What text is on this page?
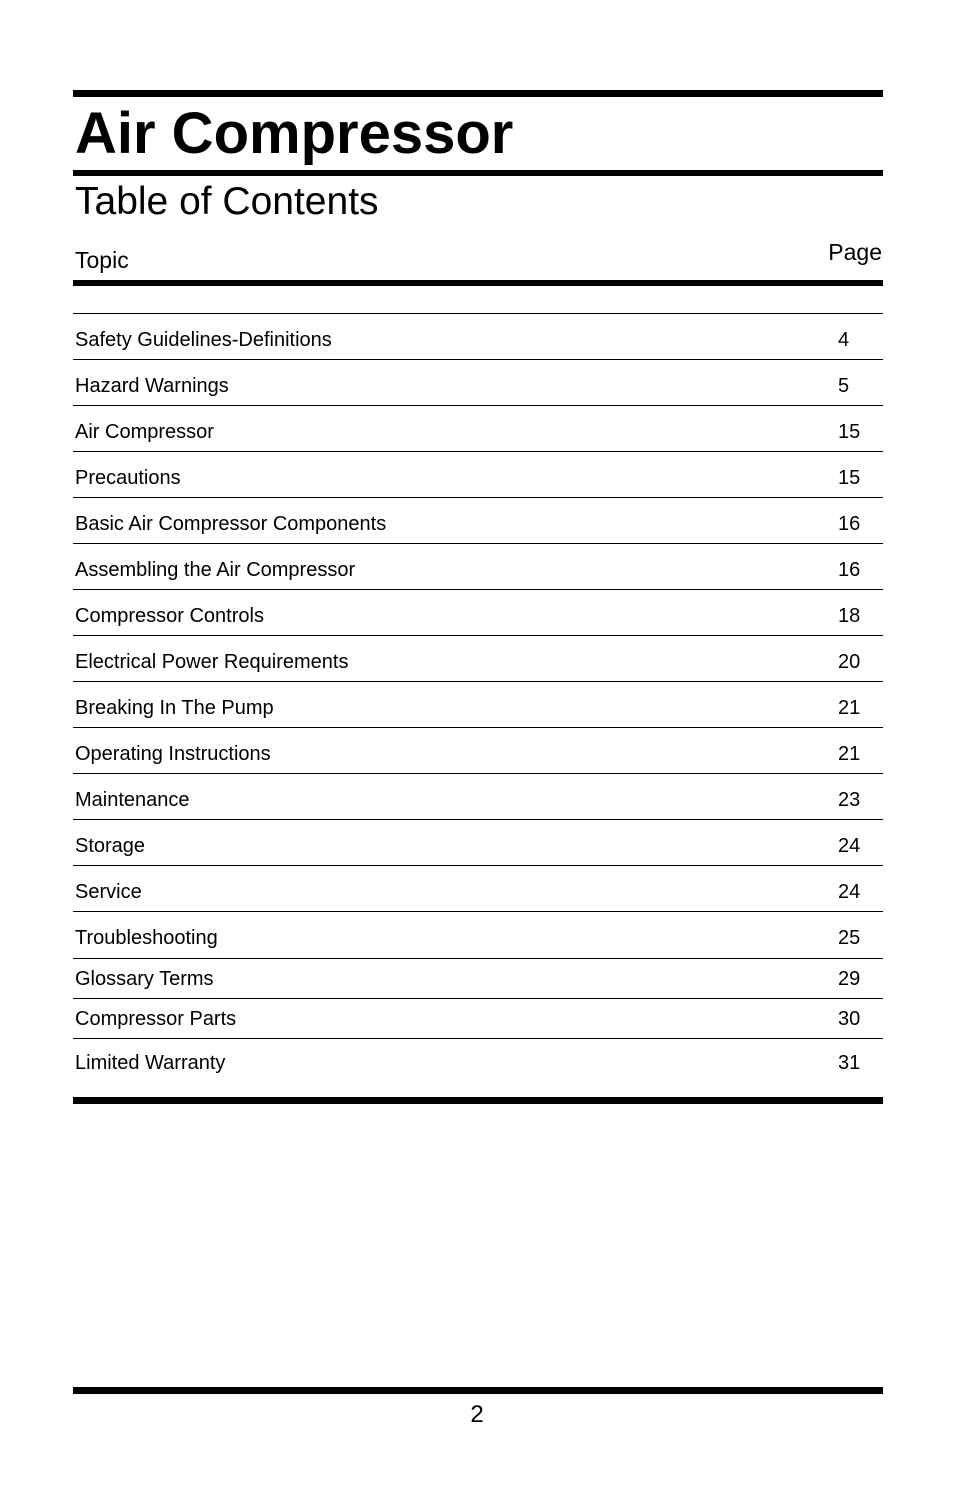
Air Compressor
Table of Contents
Topic	Page
Safety Guidelines-Definitions	4
Hazard Warnings	5
Air Compressor	15
Precautions	15
Basic Air Compressor Components	16
Assembling the Air Compressor	16
Compressor Controls	18
Electrical Power Requirements	20
Breaking In The Pump	21
Operating Instructions	21
Maintenance	23
Storage	24
Service	24
Troubleshooting	25
Glossary Terms	29
Compressor Parts	30
Limited Warranty	31
2
